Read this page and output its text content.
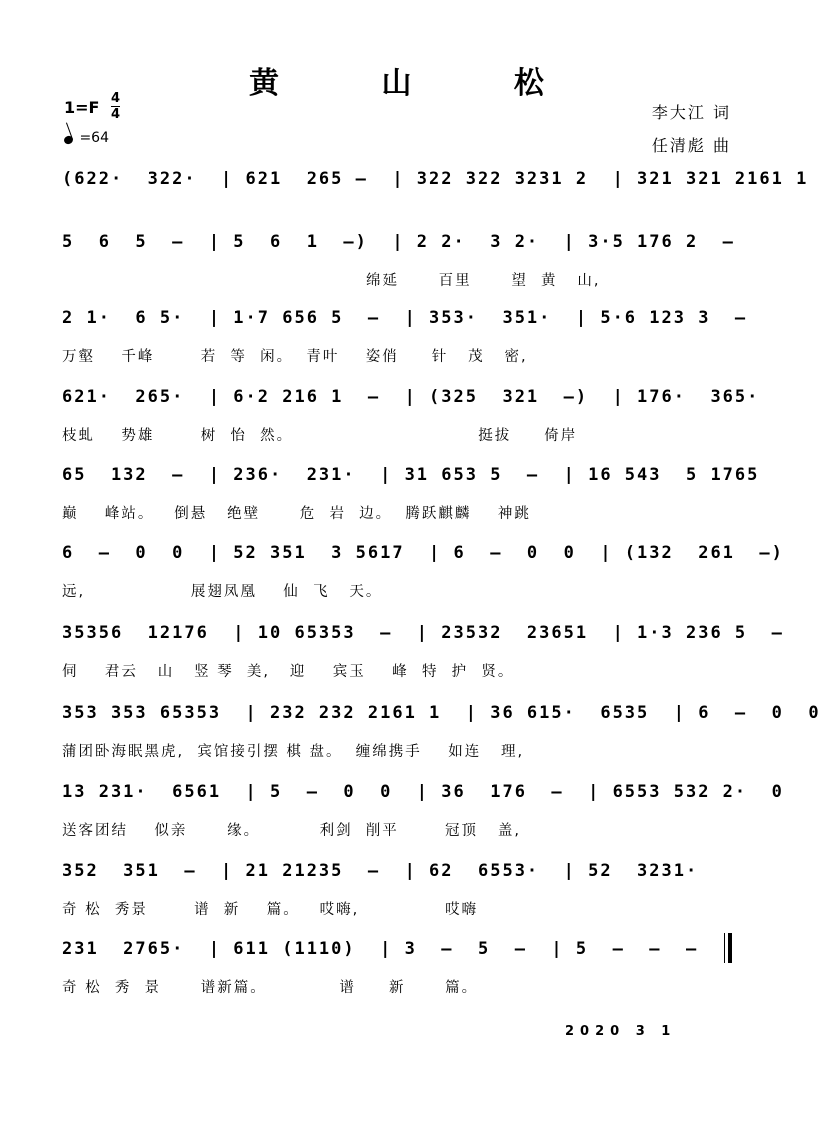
黄 山 松
$1=F \frac{4}{4}$
=64
李大江 词
任清彪 曲
(622·  322·  | 621  265 –  | 322 322 3231 2  | 321 321 2161 1
5  6  5  –  | 5  6  1  –)  | 2 2·  3 2·  | 3·5 176 2  –
绵延      百里      望  黄   山,
2 1·  6 5·  | 1·7 656 5  –  | 353·  351·  | 5·6 123 3  –
万壑    千峰       若  等  闲。  青叶    姿俏     针   茂   密,
621·  265·  | 6·2 216 1  –  | (325  321  –)  | 176·  365·
枝虬    势雄       树  怡  然。                            挺拔     倚岸
65  132  –  | 236·  231·  | 31 653 5  –  | 16 543  5 1765
巅    峰站。   倒悬   绝壁      危  岩  边。  腾跃麒麟    神跳
6  –  0  0  | 52 351  3 5617  | 6  –  0  0  | (132  261  –)
远,                展翅凤凰    仙  飞   天。
35356  12176  | 10 65353  –  | 23532  23651  | 1·3 236 5  –
伺    君云   山   竖 琴  美,   迎    宾玉    峰  特  护  贤。
353 353 65353  | 232 232 2161 1  | 36 615·  6535  | 6  –  0  0
蒲团卧海眠黑虎,  宾馆接引摆 棋 盘。  缠绵携手    如连   理,
13 231·  6561  | 5  –  0  0  | 36  176  –  | 6553 532 2·  0
送客团结    似亲      缘。         利剑  削平       冠顶   盖,
352  351  –  | 21 21235  –  | 62  6553·  | 52  3231·
奇 松  秀景       谱  新    篇。   哎嗨,             哎嗨
231  2765·  | 611 (1110)  | 3  –  5  –  | 5  –  –  –
奇 松  秀  景      谱新篇。           谱     新      篇。
2020 3 1
